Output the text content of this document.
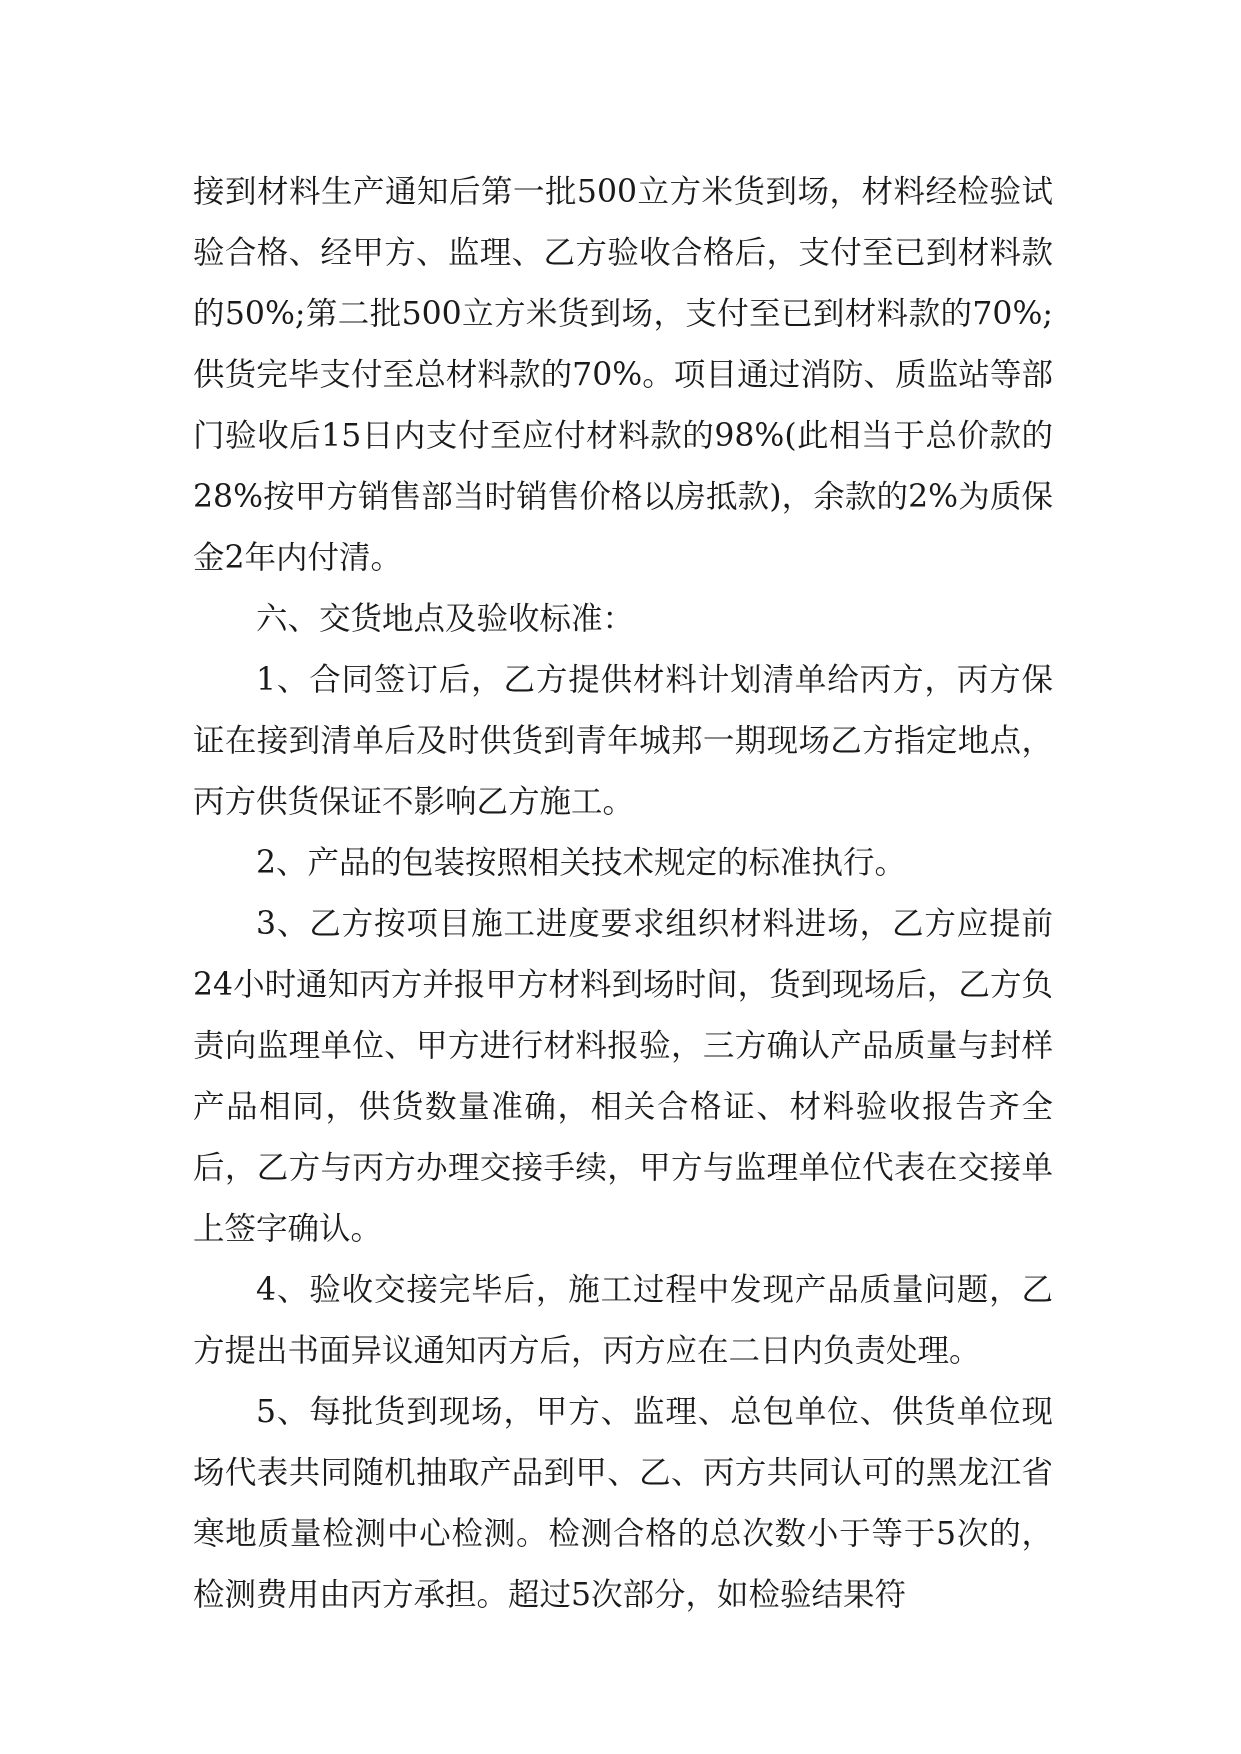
接到材料生产通知后第一批500立方米货到场，材料经检验试验合格、经甲方、监理、乙方验收合格后，支付至已到材料款的50%;第二批500立方米货到场，支付至已到材料款的70%;供货完毕支付至总材料款的70%。项目通过消防、质监站等部门验收后15日内支付至应付材料款的98%(此相当于总价款的28%按甲方销售部当时销售价格以房抵款)，余款的2%为质保金2年内付清。

六、交货地点及验收标准：

1、合同签订后，乙方提供材料计划清单给丙方，丙方保证在接到清单后及时供货到青年城邦一期现场乙方指定地点，丙方供货保证不影响乙方施工。

2、产品的包装按照相关技术规定的标准执行。

3、乙方按项目施工进度要求组织材料进场，乙方应提前24小时通知丙方并报甲方材料到场时间，货到现场后，乙方负责向监理单位、甲方进行材料报验，三方确认产品质量与封样产品相同，供货数量准确，相关合格证、材料验收报告齐全后，乙方与丙方办理交接手续，甲方与监理单位代表在交接单上签字确认。

4、验收交接完毕后，施工过程中发现产品质量问题，乙方提出书面异议通知丙方后，丙方应在二日内负责处理。

5、每批货到现场，甲方、监理、总包单位、供货单位现场代表共同随机抽取产品到甲、乙、丙方共同认可的黑龙江省寒地质量检测中心检测。检测合格的总次数小于等于5次的，检测费用由丙方承担。超过5次部分，如检验结果符
